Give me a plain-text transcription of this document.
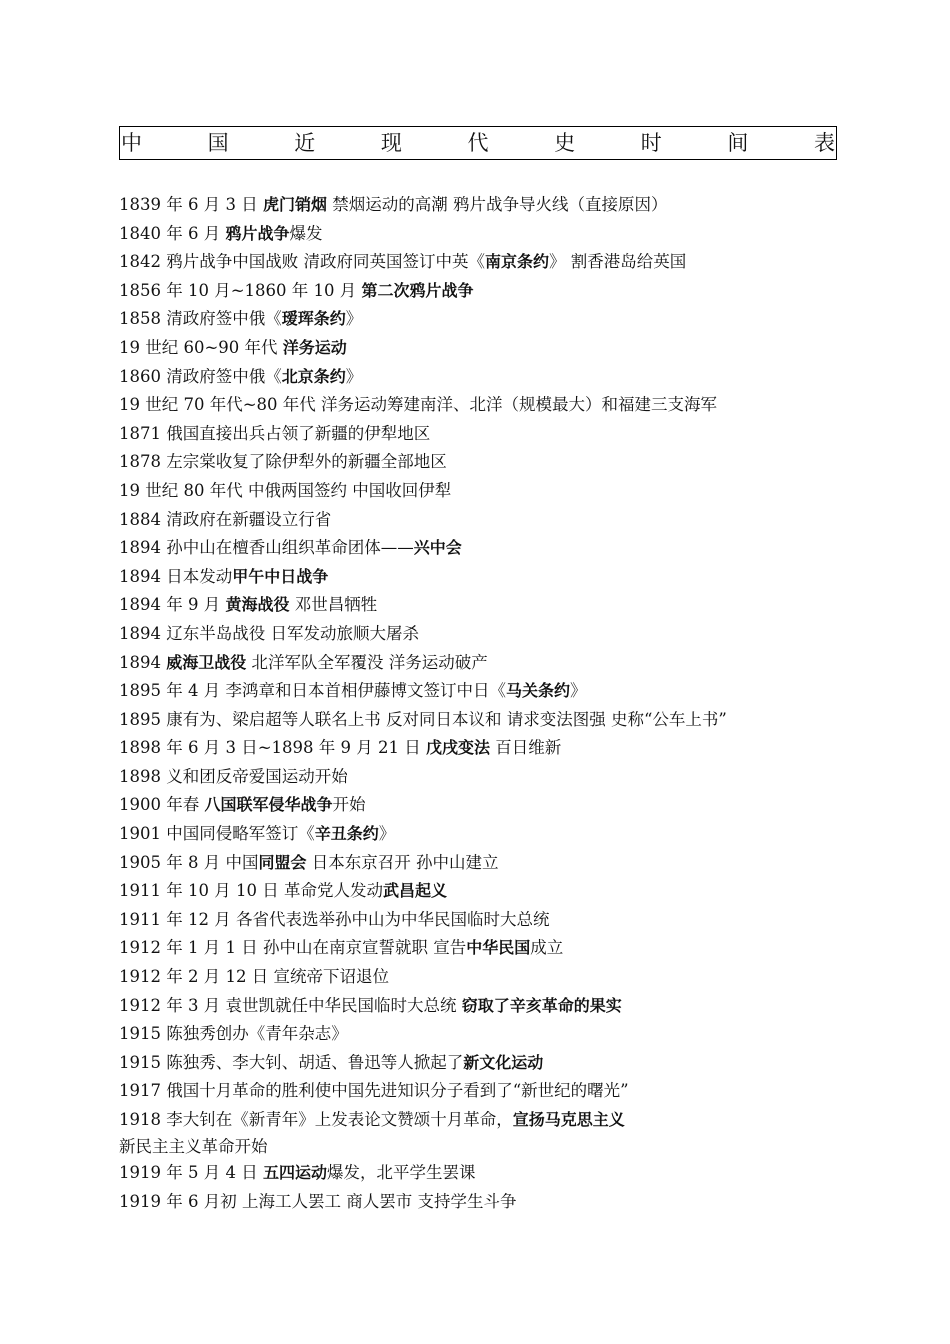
中	国	近	现	代	史	时	间	表
1839 年 6 月 3 日 虎门销烟 禁烟运动的高潮 鸦片战争导火线（直接原因）
1840 年 6 月 鸦片战争爆发
1842 鸦片战争中国战败 清政府同英国签订中英《南京条约》 割香港岛给英国
1856 年 10 月~1860 年 10 月 第二次鸦片战争
1858 清政府签中俄《瑷珲条约》
19 世纪 60~90 年代 洋务运动
1860 清政府签中俄《北京条约》
19 世纪 70 年代~80 年代 洋务运动筹建南洋、北洋（规模最大）和福建三支海军
1871 俄国直接出兵占领了新疆的伊犁地区
1878 左宗棠收复了除伊犁外的新疆全部地区
19 世纪 80 年代 中俄两国签约 中国收回伊犁
1884 清政府在新疆设立行省
1894 孙中山在檀香山组织革命团体——兴中会
1894 日本发动甲午中日战争
1894 年 9 月 黄海战役 邓世昌牺牲
1894 辽东半岛战役 日军发动旅顺大屠杀
1894 威海卫战役 北洋军队全军覆没 洋务运动破产
1895 年 4 月 李鸿章和日本首相伊藤博文签订中日《马关条约》
1895 康有为、梁启超等人联名上书 反对同日本议和 请求变法图强 史称“公车上书”
1898 年 6 月 3 日~1898 年 9 月 21 日 戊戌变法 百日维新
1898 义和团反帝爱国运动开始
1900 年春 八国联军侵华战争开始
1901 中国同侵略军签订《辛丑条约》
1905 年 8 月 中国同盟会 日本东京召开 孙中山建立
1911 年 10 月 10 日 革命党人发动武昌起义
1911 年 12 月 各省代表选举孙中山为中华民国临时大总统
1912 年 1 月 1 日 孙中山在南京宣誓就职 宣告中华民国成立
1912 年 2 月 12 日 宣统帝下诏退位
1912 年 3 月 袁世凯就任中华民国临时大总统 窃取了辛亥革命的果实
1915 陈独秀创办《青年杂志》
1915 陈独秀、李大钊、胡适、鲁迅等人掀起了新文化运动
1917 俄国十月革命的胜利使中国先进知识分子看到了“新世纪的曙光”
1918 李大钊在《新青年》上发表论文赞颂十月革命，宣扬马克思主义
新民主主义革命开始
1919 年 5 月 4 日 五四运动爆发，北平学生罢课
1919 年 6 月初 上海工人罢工 商人罢市 支持学生斗争
